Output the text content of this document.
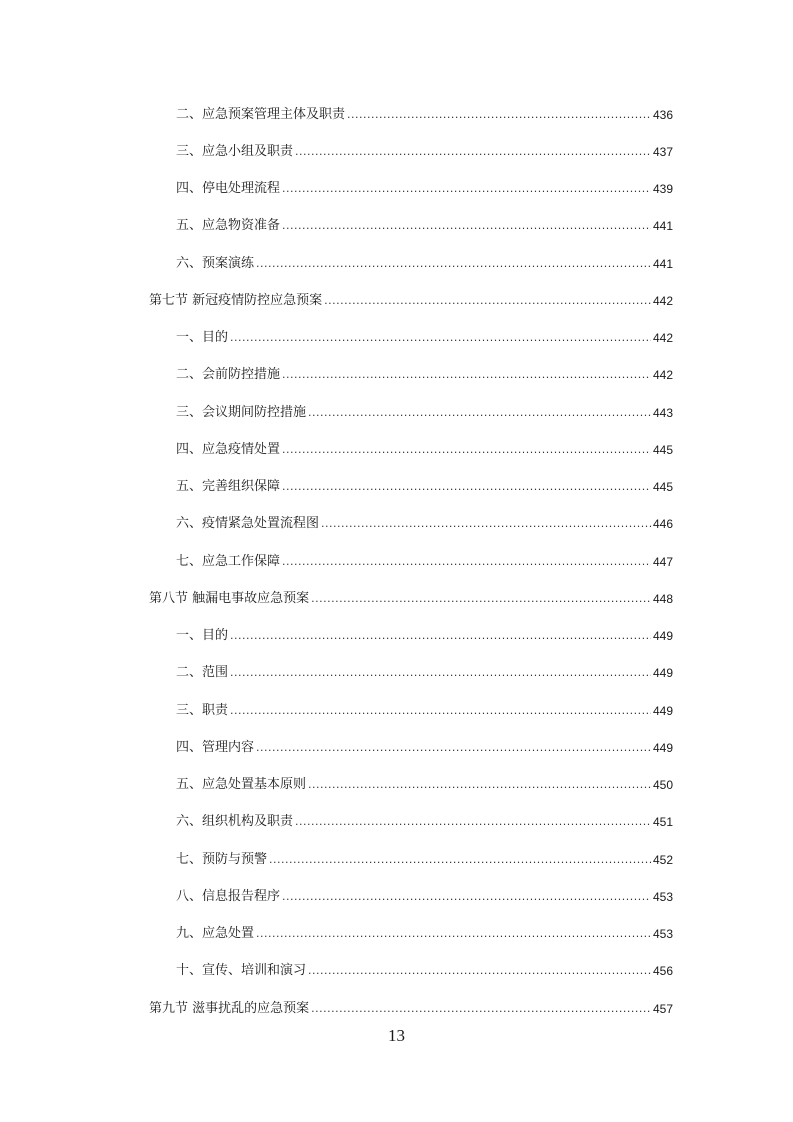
二、应急预案管理主体及职责 .....	436
三、应急小组及职责 .....	437
四、停电处理流程 .....	439
五、应急物资准备 .....	441
六、预案演练 .....	441
第七节 新冠疫情防控应急预案 .....	442
一、目的 .....	442
二、会前防控措施 .....	442
三、会议期间防控措施 .....	443
四、应急疫情处置 .....	445
五、完善组织保障 .....	445
六、疫情紧急处置流程图 .....	446
七、应急工作保障 .....	447
第八节 触漏电事故应急预案 .....	448
一、目的 .....	449
二、范围 .....	449
三、职责 .....	449
四、管理内容 .....	449
五、应急处置基本原则 .....	450
六、组织机构及职责 .....	451
七、预防与预警 .....	452
八、信息报告程序 .....	453
九、应急处置 .....	453
十、宣传、培训和演习 .....	456
第九节 滋事扰乱的应急预案 .....	457
13
